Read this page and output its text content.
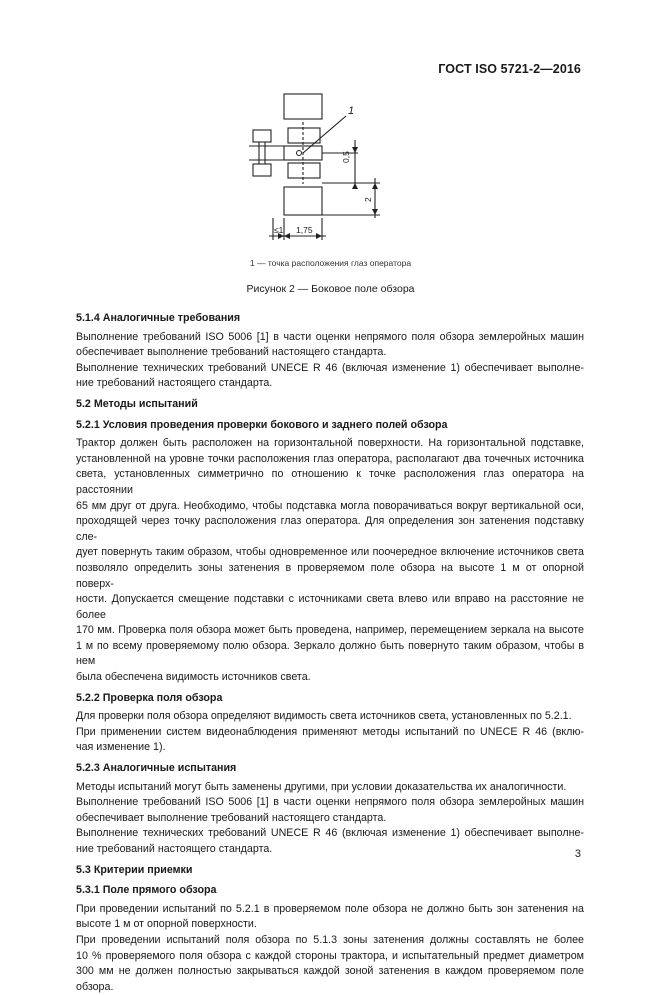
ГОСТ ISO 5721-2—2016
1
0,5
2
≤1 1,75
1 — точка расположения глаз оператора
Рисунок 2 — Боковое поле обзора
5.1.4 Аналогичные требования
Выполнение требований ISO 5006 [1] в части оценки непрямого поля обзора землеройных машин
обеспечивает выполнение требований настоящего стандарта.
Выполнение технических требований UNECE R 46 (включая изменение 1) обеспечивает выполне-
ние требований настоящего стандарта.
5.2 Методы испытаний
5.2.1 Условия проведения проверки бокового и заднего полей обзора
Трактор должен быть расположен на горизонтальной поверхности. На горизонтальной подставке,
установленной на уровне точки расположения глаз оператора, располагают два точечных источника
света, установленных симметрично по отношению к точке расположения глаз оператора на расстоянии
65 мм друг от друга. Необходимо, чтобы подставка могла поворачиваться вокруг вертикальной оси,
проходящей через точку расположения глаз оператора. Для определения зон затенения подставку сле-
дует повернуть таким образом, чтобы одновременное или поочередное включение источников света
позволяло определить зоны затенения в проверяемом поле обзора на высоте 1 м от опорной поверх-
ности. Допускается смещение подставки с источниками света влево или вправо на расстояние не более
170 мм. Проверка поля обзора может быть проведена, например, перемещением зеркала на высоте
1 м по всему проверяемому полю обзора. Зеркало должно быть повернуто таким образом, чтобы в нем
была обеспечена видимость источников света.
5.2.2 Проверка поля обзора
Для проверки поля обзора определяют видимость света источников света, установленных по 5.2.1.
При применении систем видеонаблюдения применяют методы испытаний по UNECE R 46 (вклю-
чая изменение 1).
5.2.3 Аналогичные испытания
Методы испытаний могут быть заменены другими, при условии доказательства их аналогичности.
Выполнение требований ISO 5006 [1] в части оценки непрямого поля обзора землеройных машин
обеспечивает выполнение требований настоящего стандарта.
Выполнение технических требований UNECE R 46 (включая изменение 1) обеспечивает выполне-
ние требований настоящего стандарта.
5.3 Критерии приемки
5.3.1 Поле прямого обзора
При проведении испытаний по 5.2.1 в проверяемом поле обзора не должно быть зон затенения на
высоте 1 м от опорной поверхности.
При проведении испытаний поля обзора по 5.1.3 зоны затенения должны составлять не более
10 % проверяемого поля обзора с каждой стороны трактора, и испытательный предмет диаметром
300 мм не должен полностью закрываться каждой зоной затенения в каждом проверяемом поле обзора.
3
